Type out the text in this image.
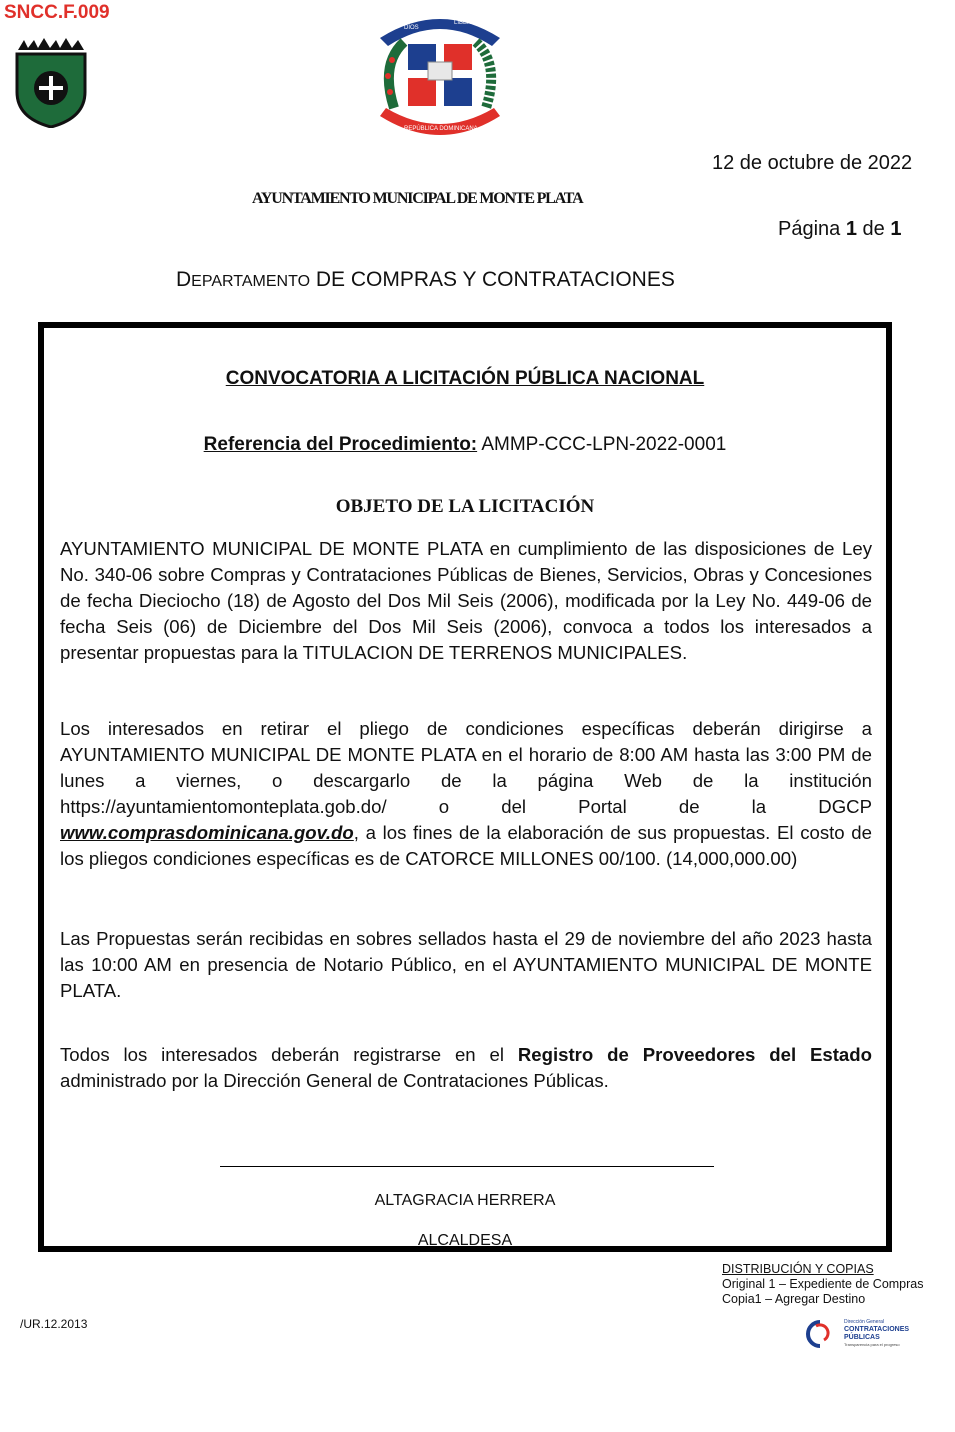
SNCC.F.009
DIOS
PATRIA
LIBERTAD
REPÚBLICA DOMINICANA
12 de octubre de 2022
AYUNTAMIENTO MUNICIPAL DE MONTE PLATA
Página 1 de 1
DEPARTAMENTO DE COMPRAS Y CONTRATACIONES
CONVOCATORIA A LICITACIÓN PÚBLICA NACIONAL
Referencia del Procedimiento: AMMP-CCC-LPN-2022-0001
OBJETO DE LA LICITACIÓN

AYUNTAMIENTO MUNICIPAL DE MONTE PLATA en cumplimiento de las disposiciones de Ley No. 340-06 sobre Compras y Contrataciones Públicas de Bienes, Servicios, Obras y Concesiones de fecha Dieciocho (18) de Agosto del Dos Mil Seis (2006), modificada por la Ley No. 449-06 de fecha Seis (06) de Diciembre del Dos Mil Seis (2006), convoca a todos los interesados a presentar propuestas para la TITULACION DE TERRENOS MUNICIPALES.

Los interesados en retirar el pliego de condiciones específicas deberán dirigirse a AYUNTAMIENTO MUNICIPAL DE MONTE PLATA en el horario de 8:00 AM hasta las 3:00 PM de lunes a viernes, o descargarlo de la página Web de la institución https://ayuntamientomonteplata.gob.do/ o del Portal de la DGCP www.comprasdominicana.gov.do, a los fines de la elaboración de sus propuestas. El costo de los pliegos condiciones específicas es de CATORCE MILLONES 00/100. (14,000,000.00)

Las Propuestas serán recibidas en sobres sellados hasta el 29 de noviembre del año 2023 hasta las 10:00 AM en presencia de Notario Público, en el AYUNTAMIENTO MUNICIPAL DE MONTE PLATA.

Todos los interesados deberán registrarse en el Registro de Proveedores del Estado administrado por la Dirección General de Contrataciones Públicas.

ALTAGRACIA HERRERA
ALCALDESA
DISTRIBUCIÓN Y COPIAS
Original 1 – Expediente de Compras
Copia1 – Agregar Destino
/UR.12.2013	Dirección General
CONTRATACIONES
PÚBLICAS
Transparencia para el progreso
